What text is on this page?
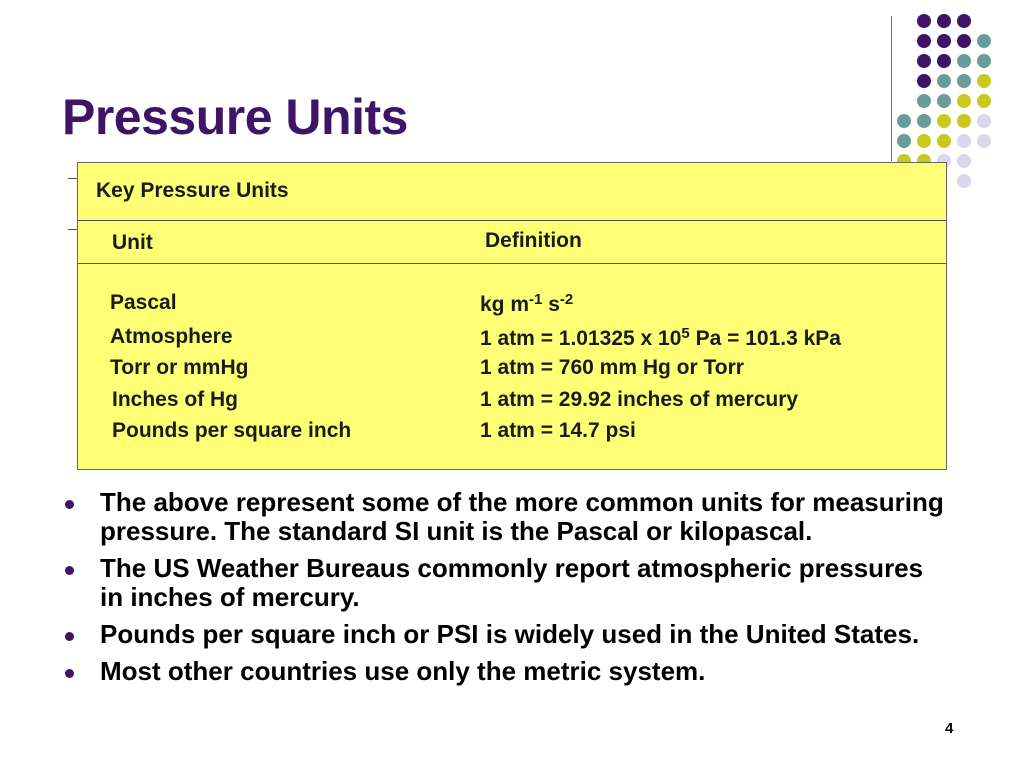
Pressure Units
Key Pressure Units
Unit	Definition
Pascal	kg $m^{-1}$ $s^{-2}$
Atmosphere	1 atm = 1.01325 x $10^5$ Pa = 101.3 kPa
Torr or mmHg	1 atm = 760 mm Hg or Torr
Inches of Hg	1 atm = 29.92 inches of mercury
Pounds per square inch	1 atm = 14.7 psi
The above represent some of the more common units for measuring pressure. The standard SI unit is the Pascal or kilopascal.
The US Weather Bureaus commonly report atmospheric pressures in inches of mercury.
Pounds per square inch or PSI is widely used in the United States.
Most other countries use only the metric system.
4
